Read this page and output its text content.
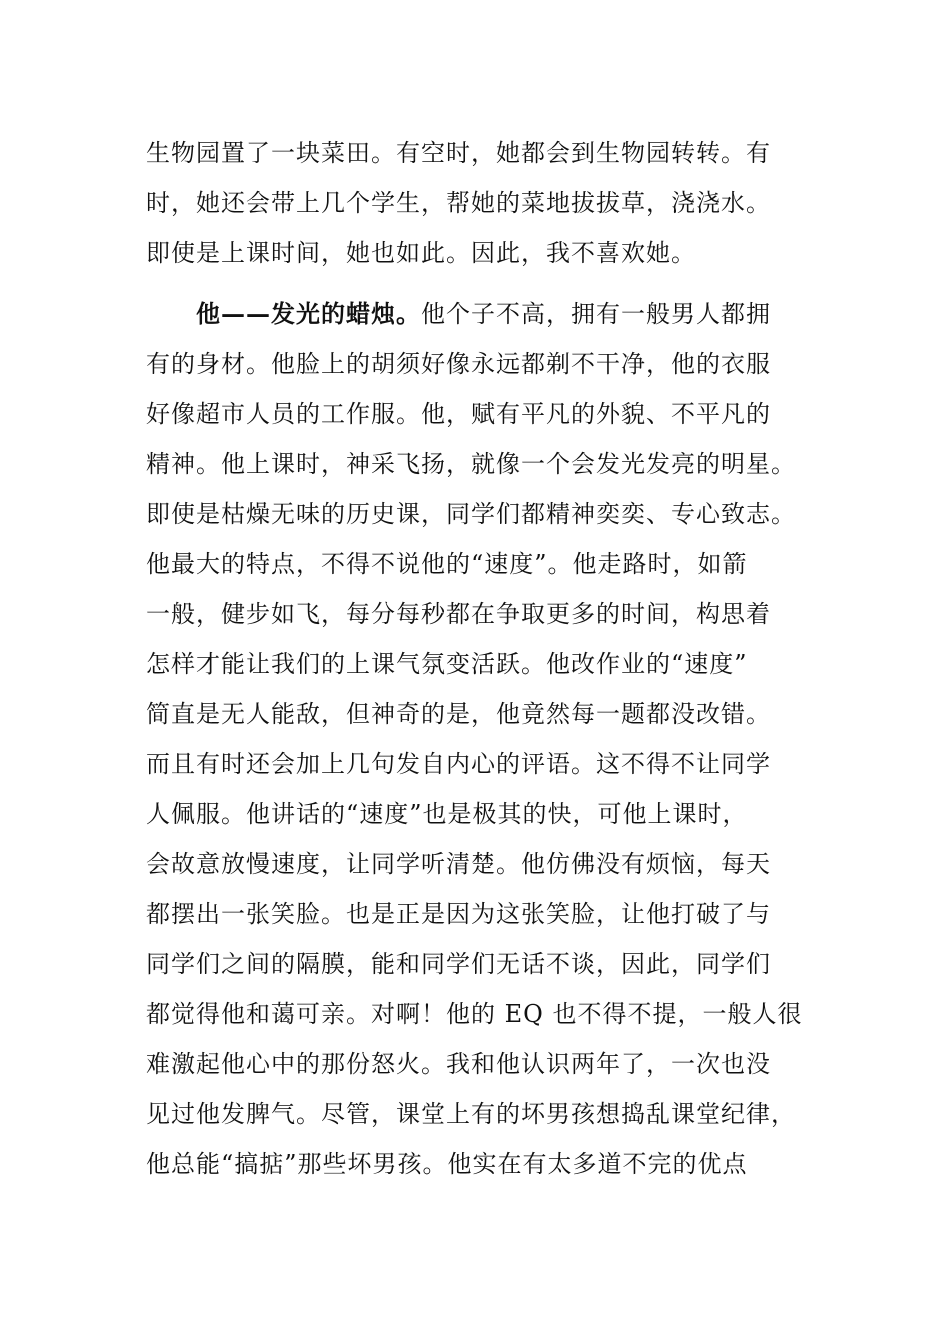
生物园置了一块菜田。有空时，她都会到生物园转转。有
时，她还会带上几个学生，帮她的菜地拔拔草，浇浇水。
即使是上课时间，她也如此。因此，我不喜欢她。
他——发光的蜡烛。他个子不高，拥有一般男人都拥
有的身材。他脸上的胡须好像永远都剃不干净，他的衣服
好像超市人员的工作服。他，赋有平凡的外貌、不平凡的
精神。他上课时，神采飞扬，就像一个会发光发亮的明星。
即使是枯燥无味的历史课，同学们都精神奕奕、专心致志。
他最大的特点，不得不说他的“速度”。他走路时，如箭
一般，健步如飞，每分每秒都在争取更多的时间，构思着
怎样才能让我们的上课气氛变活跃。他改作业的“速度”
简直是无人能敌，但神奇的是，他竟然每一题都没改错。
而且有时还会加上几句发自内心的评语。这不得不让同学
人佩服。他讲话的“速度”也是极其的快，可他上课时，
会故意放慢速度，让同学听清楚。他仿佛没有烦恼，每天
都摆出一张笑脸。也是正是因为这张笑脸，让他打破了与
同学们之间的隔膜，能和同学们无话不谈，因此，同学们
都觉得他和蔼可亲。对啊！他的 EQ 也不得不提，一般人很
难激起他心中的那份怒火。我和他认识两年了，一次也没
见过他发脾气。尽管，课堂上有的坏男孩想捣乱课堂纪律，
他总能“搞掂”那些坏男孩。他实在有太多道不完的优点
